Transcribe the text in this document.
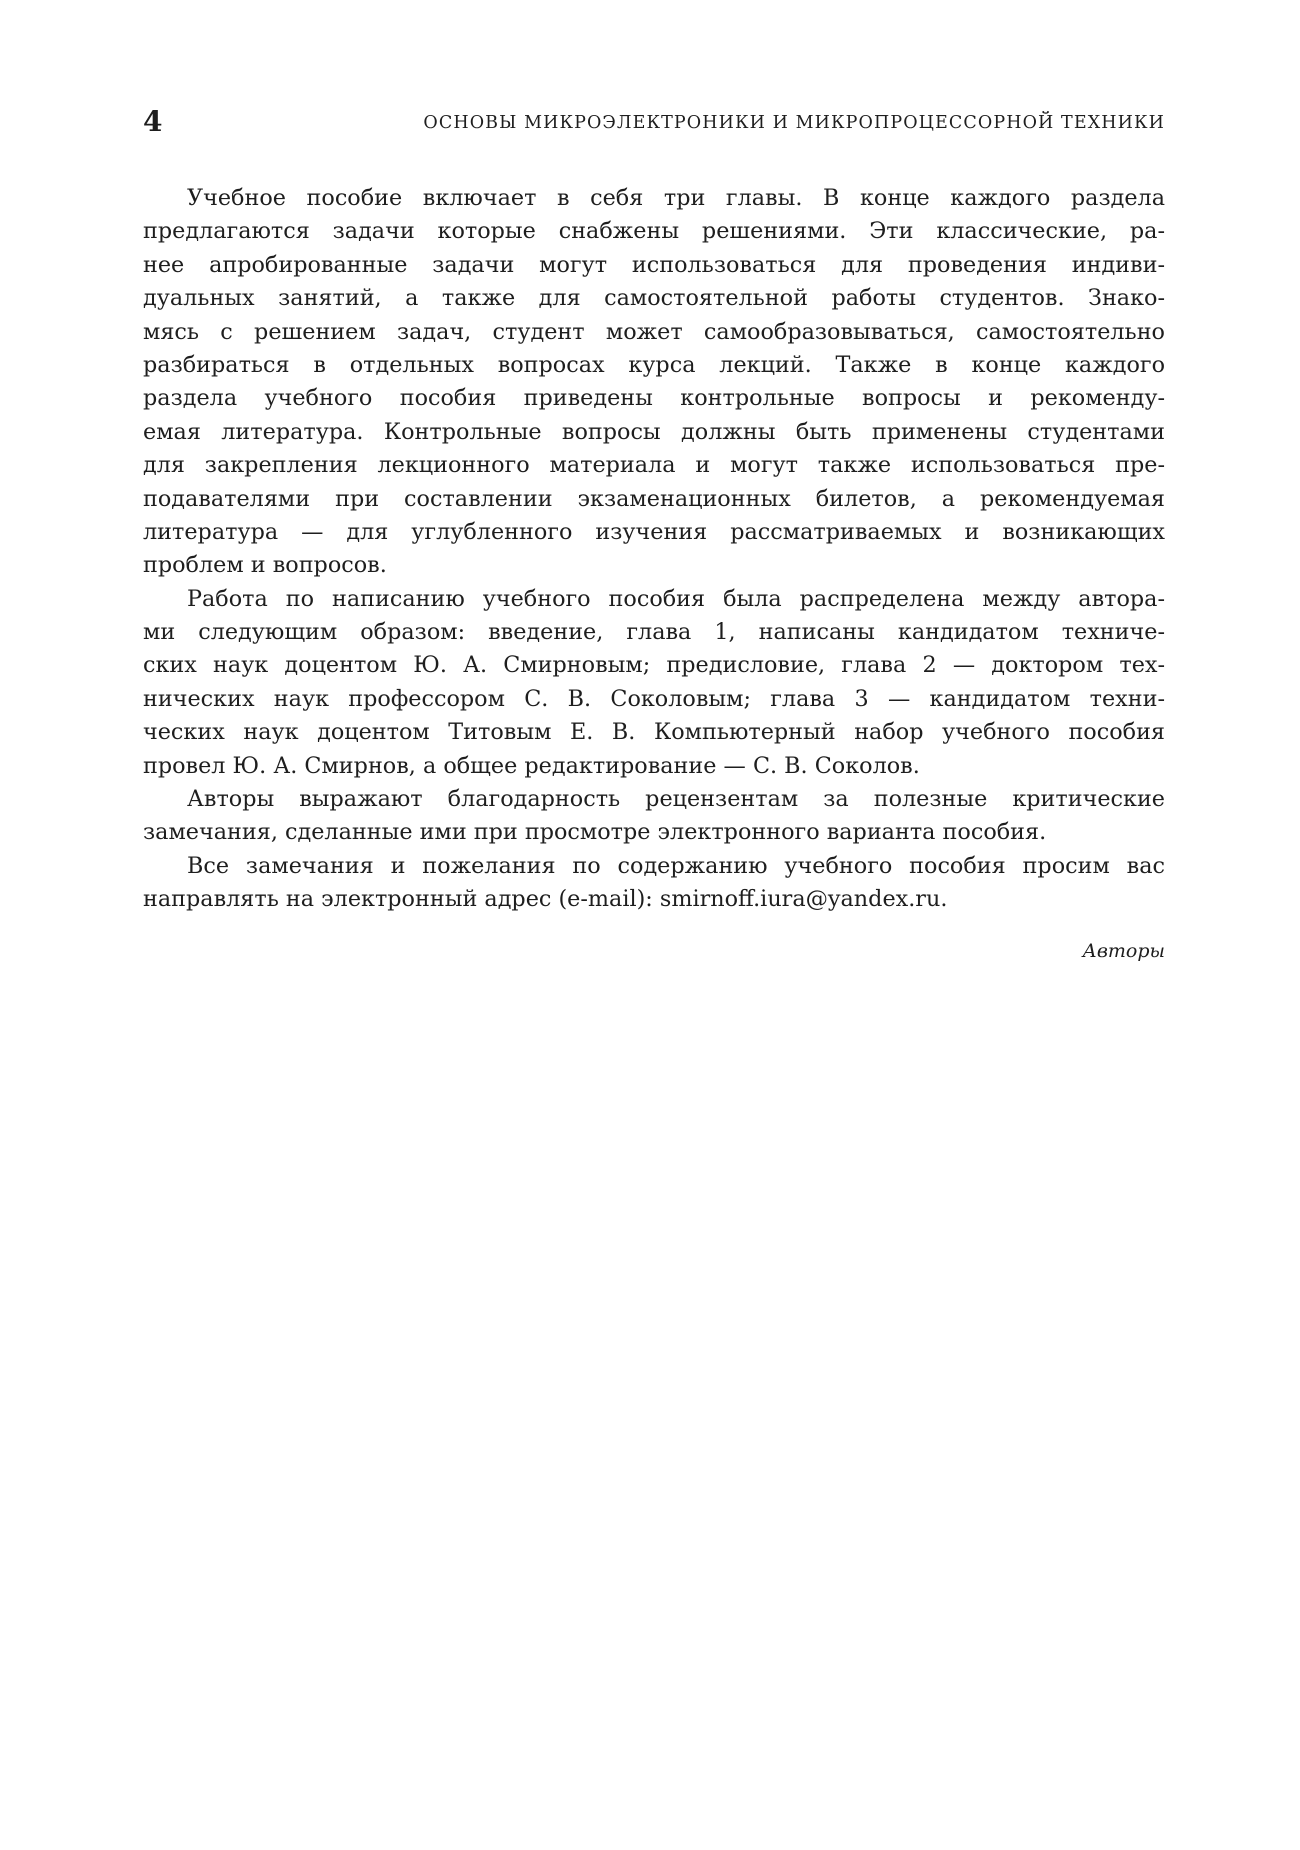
4	ОСНОВЫ МИКРОЭЛЕКТРОНИКИ И МИКРОПРОЦЕССОРНОЙ ТЕХНИКИ
Учебное пособие включает в себя три главы. В конце каждого раздела
предлагаются задачи которые снабжены решениями. Эти классические, ра-
нее апробированные задачи могут использоваться для проведения индиви-
дуальных занятий, а также для самостоятельной работы студентов. Знако-
мясь с решением задач, студент может самообразовываться, самостоятельно
разбираться в отдельных вопросах курса лекций. Также в конце каждого
раздела учебного пособия приведены контрольные вопросы и рекоменду-
емая литература. Контрольные вопросы должны быть применены студентами
для закрепления лекционного материала и могут также использоваться пре-
подавателями при составлении экзаменационных билетов, а рекомендуемая
литература — для углубленного изучения рассматриваемых и возникающих
проблем и вопросов.
Работа по написанию учебного пособия была распределена между автора-
ми следующим образом: введение, глава 1, написаны кандидатом техниче-
ских наук доцентом Ю. А. Смирновым; предисловие, глава 2 — доктором тех-
нических наук профессором С. В. Соколовым; глава 3 — кандидатом техни-
ческих наук доцентом Титовым Е. В. Компьютерный набор учебного пособия
провел Ю. А. Смирнов, а общее редактирование — С. В. Соколов.
Авторы выражают благодарность рецензентам за полезные критические
замечания, сделанные ими при просмотре электронного варианта пособия.
Все замечания и пожелания по содержанию учебного пособия просим вас
направлять на электронный адрес (e-mail): smirnoff.iura@yandex.ru.
Авторы
